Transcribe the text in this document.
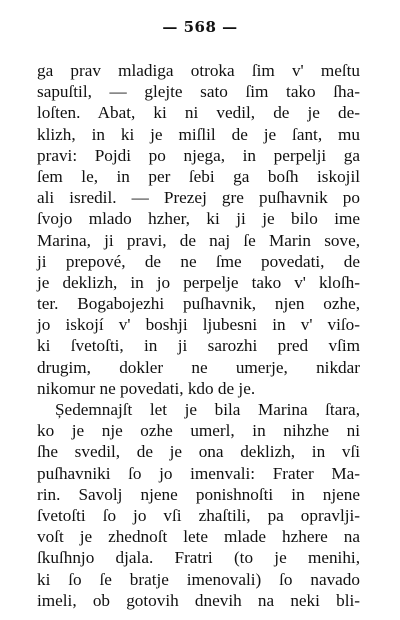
— 568 —
ga prav mladiga otroka ſim v' meſtu
sapuſtil, — glejte sato ſim tako ſha-
loſten. Abat, ki ni vedil, de je de-
klizh, in ki je miſlil de je ſant, mu
pravi: Pojdi po njega, in perpelji ga
ſem le, in per ſebi ga boſh iskojil
ali isredil. — Prezej gre puſhavnik po
ſvojo mlado hzher, ki ji je bilo ime
Marina, ji pravi, de naj ſe Marin sove,
ji prepové, de ne ſme povedati, de
je deklizh, in jo perpelje tako v' kloſh-
ter. Bogabojezhi puſhavnik, njen ozhe,
jo iskojí v' boshji ljubesni in v' viſo-
ki ſvetoſti, in ji sarozhi pred vſim
drugim, dokler ne umerje, nikdar
nikomur ne povedati, kdo de je.
Ședemnajſt let je bila Marina ſtara,
ko je nje ozhe umerl, in nihzhe ni
ſhe svedil, de je ona deklizh, in vſi
puſhavniki ſo jo imenvali: Frater Ma-
rin. Savolj njene ponishnoſti in njene
ſvetoſti ſo jo vſi zhaſtili, pa opravlji-
voſt je zhednoſt lete mlade hzhere na
ſkuſhnjo djala. Fratri (to je menihi,
ki ſo ſe bratje imenovali) ſo navado
imeli, ob gotovih dnevih na neki bli-
